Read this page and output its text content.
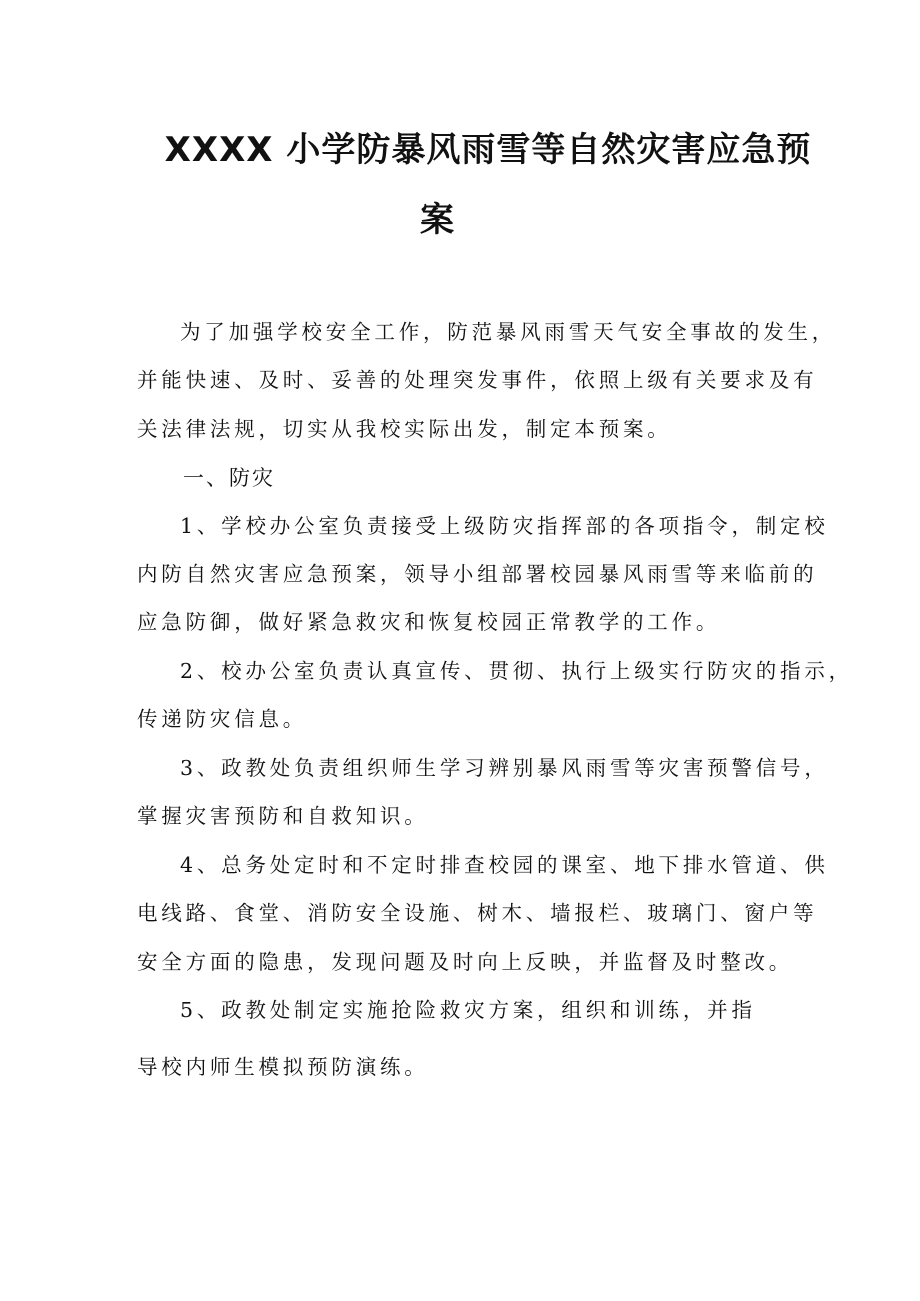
XXXX 小学防暴风雨雪等自然灾害应急预
案
为了加强学校安全工作，防范暴风雨雪天气安全事故的发生，
并能快速、及时、妥善的处理突发事件，依照上级有关要求及有
关法律法规，切实从我校实际出发，制定本预案。
一、防灾
1、学校办公室负责接受上级防灾指挥部的各项指令，制定校
内防自然灾害应急预案，领导小组部署校园暴风雨雪等来临前的
应急防御，做好紧急救灾和恢复校园正常教学的工作。
2、校办公室负责认真宣传、贯彻、执行上级实行防灾的指示，
传递防灾信息。
3、政教处负责组织师生学习辨别暴风雨雪等灾害预警信号，
掌握灾害预防和自救知识。
4、总务处定时和不定时排查校园的课室、地下排水管道、供
电线路、食堂、消防安全设施、树木、墙报栏、玻璃门、窗户等
安全方面的隐患，发现问题及时向上反映，并监督及时整改。
5、政教处制定实施抢险救灾方案，组织和训练，并指
导校内师生模拟预防演练。
